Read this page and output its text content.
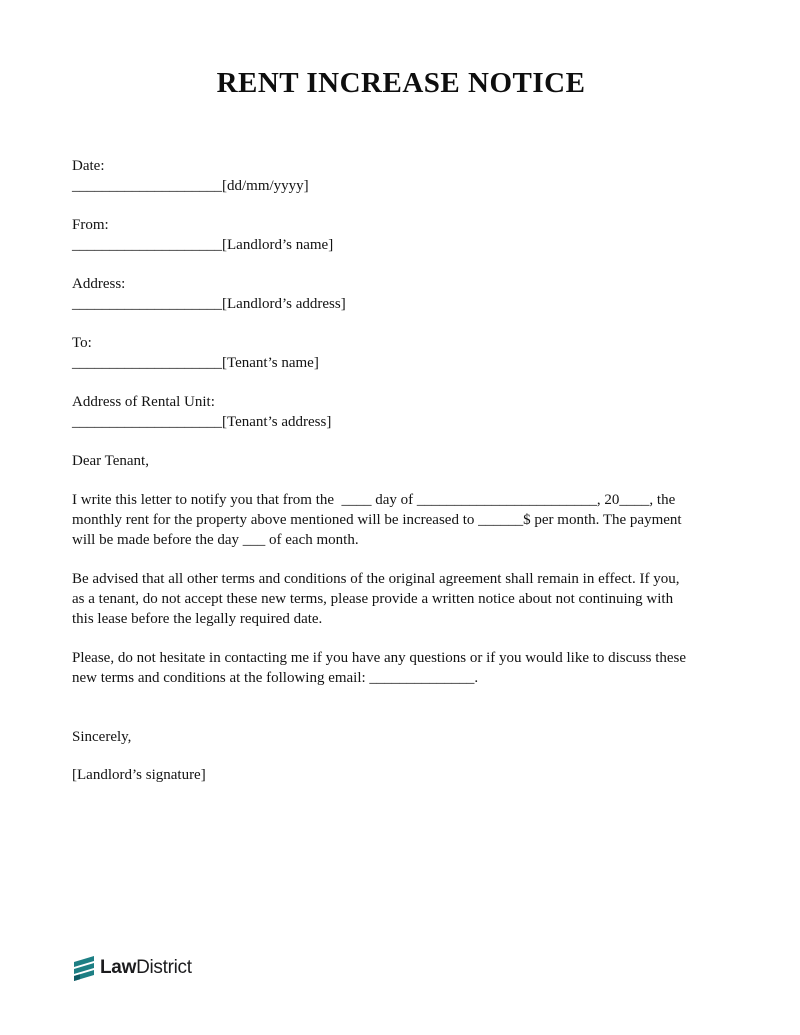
RENT INCREASE NOTICE
Date:
____________________[dd/mm/yyyy]
From:
____________________[Landlord’s name]
Address:
____________________[Landlord’s address]
To:
____________________[Tenant’s name]
Address of Rental Unit:
____________________[Tenant’s address]
Dear Tenant,
I write this letter to notify you that from the  ____ day of ________________________, 20____, the
monthly rent for the property above mentioned will be increased to ______$ per month. The payment
will be made before the day ___ of each month.
Be advised that all other terms and conditions of the original agreement shall remain in effect. If you,
as a tenant, do not accept these new terms, please provide a written notice about not continuing with
this lease before the legally required date.
Please, do not hesitate in contacting me if you have any questions or if you would like to discuss these
new terms and conditions at the following email: ______________.
Sincerely,
[Landlord’s signature]
LawDistrict
